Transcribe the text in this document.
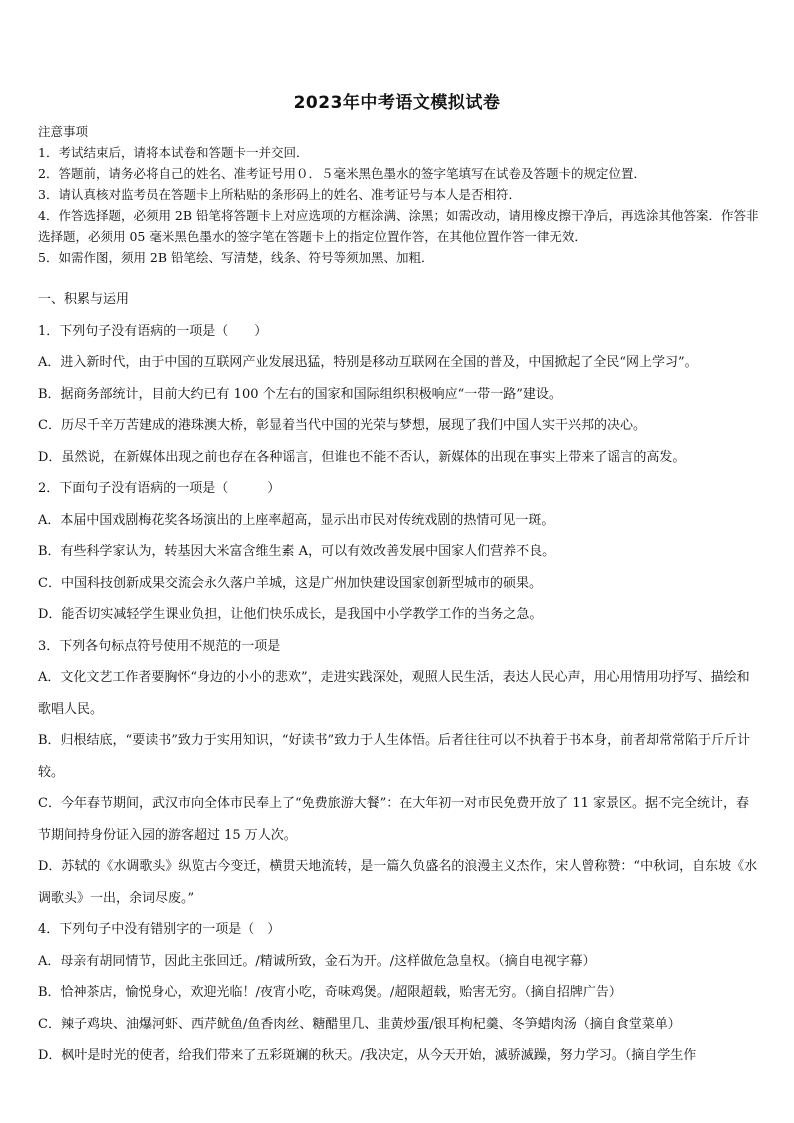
2023年中考语文模拟试卷
注意事项
1．考试结束后，请将本试卷和答题卡一并交回．
2．答题前，请务必将自己的姓名、准考证号用０．５毫米黑色墨水的签字笔填写在试卷及答题卡的规定位置．
3．请认真核对监考员在答题卡上所粘贴的条形码上的姓名、准考证号与本人是否相符．
4．作答选择题，必须用 2B 铅笔将答题卡上对应选项的方框涂满、涂黑；如需改动，请用橡皮擦干净后，再选涂其他答案．作答非选择题，必须用 05 毫米黑色墨水的签字笔在答题卡上的指定位置作答，在其他位置作答一律无效．
5．如需作图，须用 2B 铅笔绘、写清楚，线条、符号等须加黑、加粗．
一、积累与运用
1．下列句子没有语病的一项是（　　）
A．进入新时代，由于中国的互联网产业发展迅猛，特别是移动互联网在全国的普及，中国掀起了全民“网上学习”。
B．据商务部统计，目前大约已有 100 个左右的国家和国际组织积极响应“一带一路”建设。
C．历尽千辛万苦建成的港珠澳大桥，彰显着当代中国的光荣与梦想，展现了我们中国人实干兴邦的决心。
D．虽然说，在新媒体出现之前也存在各种谣言，但谁也不能不否认，新媒体的出现在事实上带来了谣言的高发。
2．下面句子没有语病的一项是（　　　）
A．本届中国戏剧梅花奖各场演出的上座率超高，显示出市民对传统戏剧的热情可见一斑。
B．有些科学家认为，转基因大米富含维生素 A，可以有效改善发展中国家人们营养不良。
C．中国科技创新成果交流会永久落户羊城，这是广州加快建设国家创新型城市的硕果。
D．能否切实减轻学生课业负担，让他们快乐成长，是我国中小学教学工作的当务之急。
3．下列各句标点符号使用不规范的一项是
A．文化文艺工作者要胸怀“身边的小小的悲欢”，走进实践深处，观照人民生活，表达人民心声，用心用情用功抒写、描绘和歌唱人民。
B．归根结底，“要读书”致力于实用知识，“好读书”致力于人生体悟。后者往往可以不执着于书本身，前者却常常陷于斤斤计较。
C．今年春节期间，武汉市向全体市民奉上了“免费旅游大餐”：在大年初一对市民免费开放了 11 家景区。据不完全统计，春节期间持身份证入园的游客超过 15 万人次。
D．苏轼的《水调歌头》纵览古今变迁，横贯天地流转，是一篇久负盛名的浪漫主义杰作，宋人曾称赞：“中秋词，自东坡《水调歌头》一出，余词尽废。”
4．下列句子中没有错别字的一项是（　）
A．母亲有胡同情节，因此主张回迁。/精诚所致，金石为开。/这样做危急皇权。（摘自电视字幕）
B．恰神茶店，愉悦身心，欢迎光临！/夜宵小吃，奇味鸡煲。/超限超载，贻害无穷。（摘自招牌广告）
C．辣子鸡块、油爆河虾、西芹鱿鱼/鱼香肉丝、糖醋里几、韭黄炒蛋/银耳枸杞羹、冬笋蜡肉汤（摘自食堂菜单）
D．枫叶是时光的使者，给我们带来了五彩斑斓的秋天。/我决定，从今天开始，滅骄滅躁，努力学习。（摘自学生作
